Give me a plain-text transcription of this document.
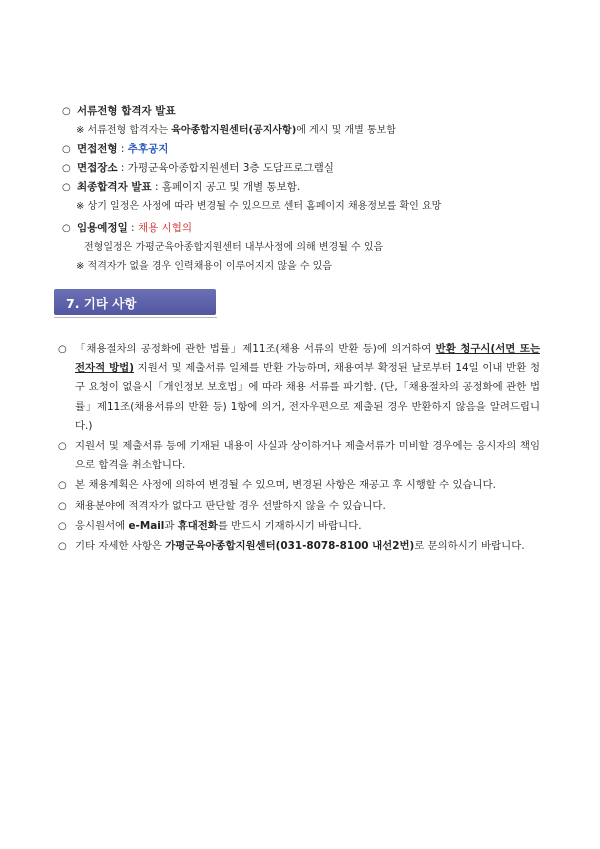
○ 서류전형 합격자 발표
※ 서류전형 합격자는 육아종합지원센터(공지사항)에 게시 및 개별 통보함
○ 면접전형 : 추후공지
○ 면접장소 : 가평군육아종합지원센터 3층 도담프로그램실
○ 최종합격자 발표 : 홈페이지 공고 및 개별 통보함.
※ 상기 일정은 사정에 따라 변경될 수 있으므로 센터 홈페이지 채용정보를 확인 요망
○ 임용예정일 : 채용 시협의
전형일정은 가평군육아종합지원센터 내부사정에 의해 변경될 수 있음
※ 적격자가 없을 경우 인력채용이 이루어지지 않을 수 있음
7. 기타 사항
○ 「채용절차의 공정화에 관한 법률」제11조(채용 서류의 반환 등)에 의거하여 반환 청구시(서면 또는 전자적 방법) 지원서 및 제출서류 일체를 반환 가능하며, 채용여부 확정된 날로부터 14일 이내 반환 청구 요청이 없을시「개인정보 보호법」에 따라 채용 서류를 파기함. (단,「채용절차의 공정화에 관한 법률」제11조(채용서류의 반환 등) 1항에 의거, 전자우편으로 제출된 경우 반환하지 않음을 알려드립니다.)
○ 지원서 및 제출서류 등에 기재된 내용이 사실과 상이하거나 제출서류가 미비할 경우에는 응시자의 책임으로 합격을 취소합니다.
○ 본 채용계획은 사정에 의하여 변경될 수 있으며, 변경된 사항은 재공고 후 시행할 수 있습니다.
○ 채용분야에 적격자가 없다고 판단할 경우 선발하지 않을 수 있습니다.
○ 응시원서에 e-Mail과 휴대전화를 반드시 기재하시기 바랍니다.
○ 기타 자세한 사항은 가평군육아종합지원센터(031-8078-8100 내선2번)로 문의하시기 바랍니다.
